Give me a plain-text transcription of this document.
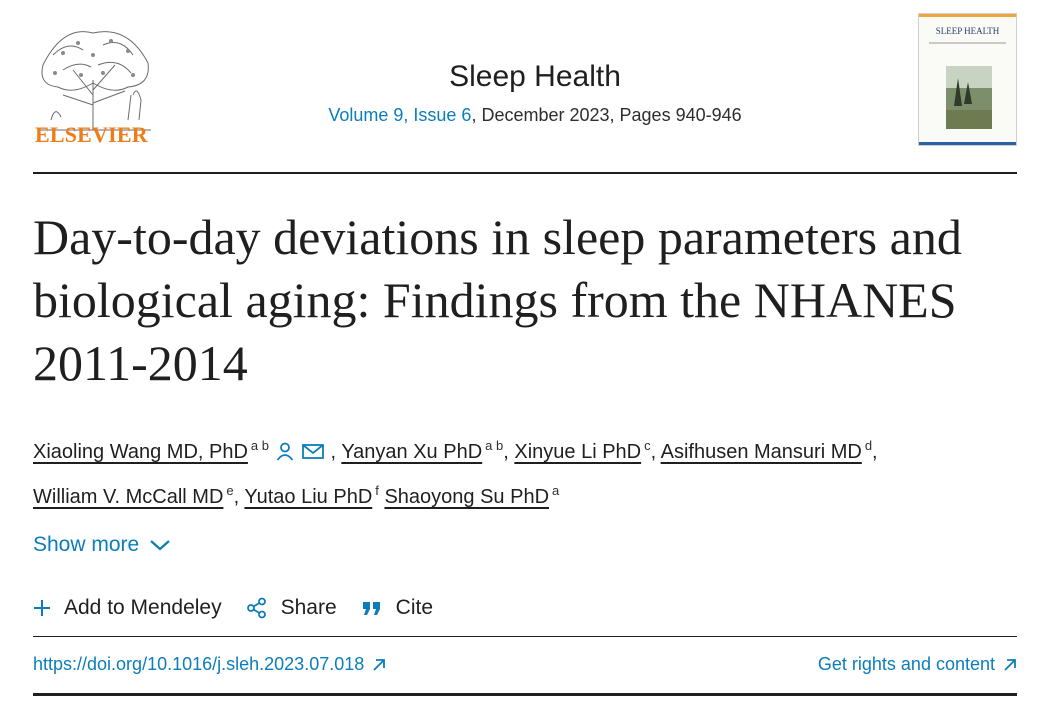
ELSEVIER
Sleep Health
Volume 9, Issue 6, December 2023, Pages 940-946
SLEEP HEALTH
Day-to-day deviations in sleep parameters and biological aging: Findings from the NHANES 2011-2014
Xiaoling Wang MD, PhD $^{a b}$	, Yanyan Xu PhD $^{a b}$, Xinyue Li PhD $^c$, Asifhusen Mansuri MD $^d$,
William V. McCall MD $^e$, Yutao Liu PhD $^f$ Shaoyong Su PhD $^a$
Show more
Add to Mendeley	Share	Cite
https://doi.org/10.1016/j.sleh.2023.07.018	Get rights and content
